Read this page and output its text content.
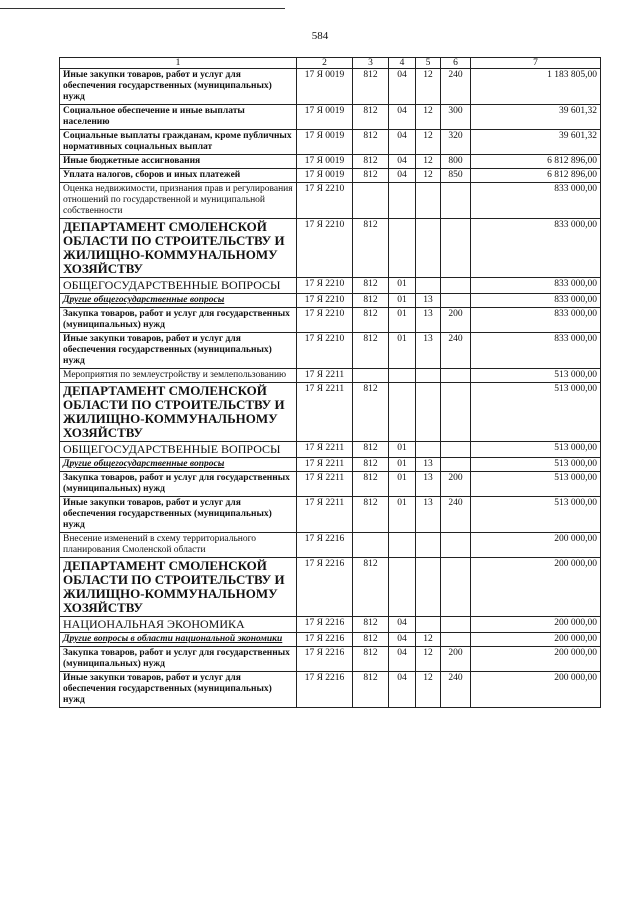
584
1	2	3	4	5	6	7
Иные закупки товаров, работ и услуг для обеспечения государственных (муниципальных) нужд	17 Я 0019	812	04	12	240	1 183 805,00
Социальное обеспечение и иные выплаты населению	17 Я 0019	812	04	12	300	39 601,32
Социальные выплаты гражданам, кроме публичных нормативных социальных выплат	17 Я 0019	812	04	12	320	39 601,32
Иные бюджетные ассигнования	17 Я 0019	812	04	12	800	6 812 896,00
Уплата налогов, сборов и иных платежей	17 Я 0019	812	04	12	850	6 812 896,00
Оценка недвижимости, признания прав и регулирования отношений по государственной и муниципальной собственности	17 Я 2210					833 000,00
ДЕПАРТАМЕНТ СМОЛЕНСКОЙ ОБЛАСТИ ПО СТРОИТЕЛЬСТВУ И ЖИЛИЩНО-КОММУНАЛЬНОМУ ХОЗЯЙСТВУ	17 Я 2210	812				833 000,00
ОБЩЕГОСУДАРСТВЕННЫЕ ВОПРОСЫ	17 Я 2210	812	01			833 000,00
Другие общегосударственные вопросы	17 Я 2210	812	01	13		833 000,00
Закупка товаров, работ и услуг для государственных (муниципальных) нужд	17 Я 2210	812	01	13	200	833 000,00
Иные закупки товаров, работ и услуг для обеспечения государственных (муниципальных) нужд	17 Я 2210	812	01	13	240	833 000,00
Мероприятия по землеустройству и землепользованию	17 Я 2211					513 000,00
ДЕПАРТАМЕНТ СМОЛЕНСКОЙ ОБЛАСТИ ПО СТРОИТЕЛЬСТВУ И ЖИЛИЩНО-КОММУНАЛЬНОМУ ХОЗЯЙСТВУ	17 Я 2211	812				513 000,00
ОБЩЕГОСУДАРСТВЕННЫЕ ВОПРОСЫ	17 Я 2211	812	01			513 000,00
Другие общегосударственные вопросы	17 Я 2211	812	01	13		513 000,00
Закупка товаров, работ и услуг для государственных (муниципальных) нужд	17 Я 2211	812	01	13	200	513 000,00
Иные закупки товаров, работ и услуг для обеспечения государственных (муниципальных) нужд	17 Я 2211	812	01	13	240	513 000,00
Внесение изменений в схему территориального планирования Смоленской области	17 Я 2216					200 000,00
ДЕПАРТАМЕНТ СМОЛЕНСКОЙ ОБЛАСТИ ПО СТРОИТЕЛЬСТВУ И ЖИЛИЩНО-КОММУНАЛЬНОМУ ХОЗЯЙСТВУ	17 Я 2216	812				200 000,00
НАЦИОНАЛЬНАЯ ЭКОНОМИКА	17 Я 2216	812	04			200 000,00
Другие вопросы в области национальной экономики	17 Я 2216	812	04	12		200 000,00
Закупка товаров, работ и услуг для государственных (муниципальных) нужд	17 Я 2216	812	04	12	200	200 000,00
Иные закупки товаров, работ и услуг для обеспечения государственных (муниципальных) нужд	17 Я 2216	812	04	12	240	200 000,00
